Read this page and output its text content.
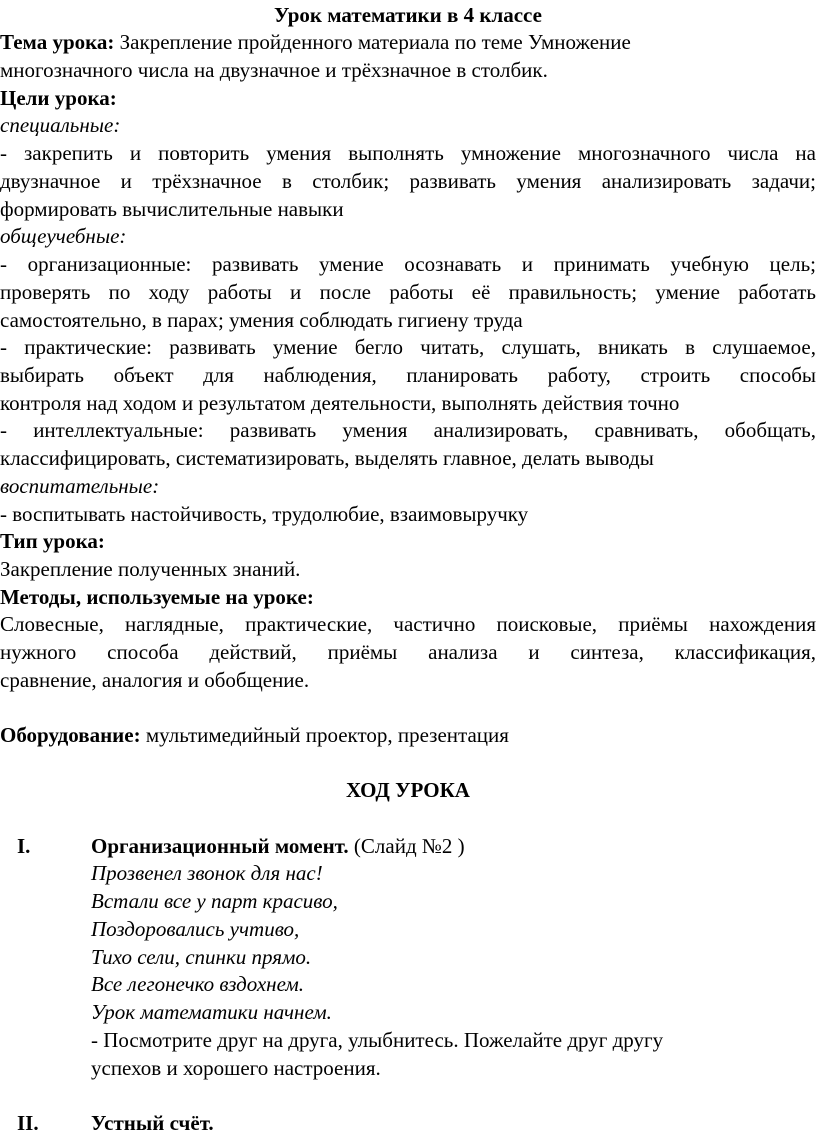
Урок математики в 4 классе
Тема урока: Закрепление пройденного материала по теме Умножение
многозначного числа на двузначное и трёхзначное в столбик.
Цели урока:
специальные:
- закрепить и повторить умения выполнять умножение многозначного числа на
двузначное и трёхзначное в столбик; развивать умения анализировать задачи;
формировать вычислительные навыки
общеучебные:
- организационные: развивать умение осознавать и принимать учебную цель;
проверять по ходу работы и после работы её правильность; умение работать
самостоятельно, в парах; умения соблюдать гигиену труда
- практические: развивать умение бегло читать, слушать, вникать в слушаемое,
выбирать объект для наблюдения, планировать работу, строить способы
контроля над ходом и результатом деятельности, выполнять действия точно
- интеллектуальные: развивать умения анализировать, сравнивать, обобщать,
классифицировать, систематизировать, выделять главное, делать выводы
воспитательные:
- воспитывать настойчивость, трудолюбие, взаимовыручку
Тип урока:
Закрепление полученных знаний.
Методы, используемые на уроке:
Словесные, наглядные, практические, частично поисковые, приёмы нахождения
нужного способа действий, приёмы анализа и синтеза, классификация,
сравнение, аналогия и обобщение.
Оборудование: мультимедийный проектор, презентация
ХОД УРОКА
I.	Организационный момент. (Слайд №2 )
Прозвенел звонок для нас!
Встали все у парт красиво,
Поздоровались учтиво,
Тихо сели, спинки прямо.
Все легонечко вздохнем.
Урок математики начнем.
- Посмотрите друг на друга, улыбнитесь. Пожелайте друг другу
успехов и хорошего настроения.
II. Устный счёт.
